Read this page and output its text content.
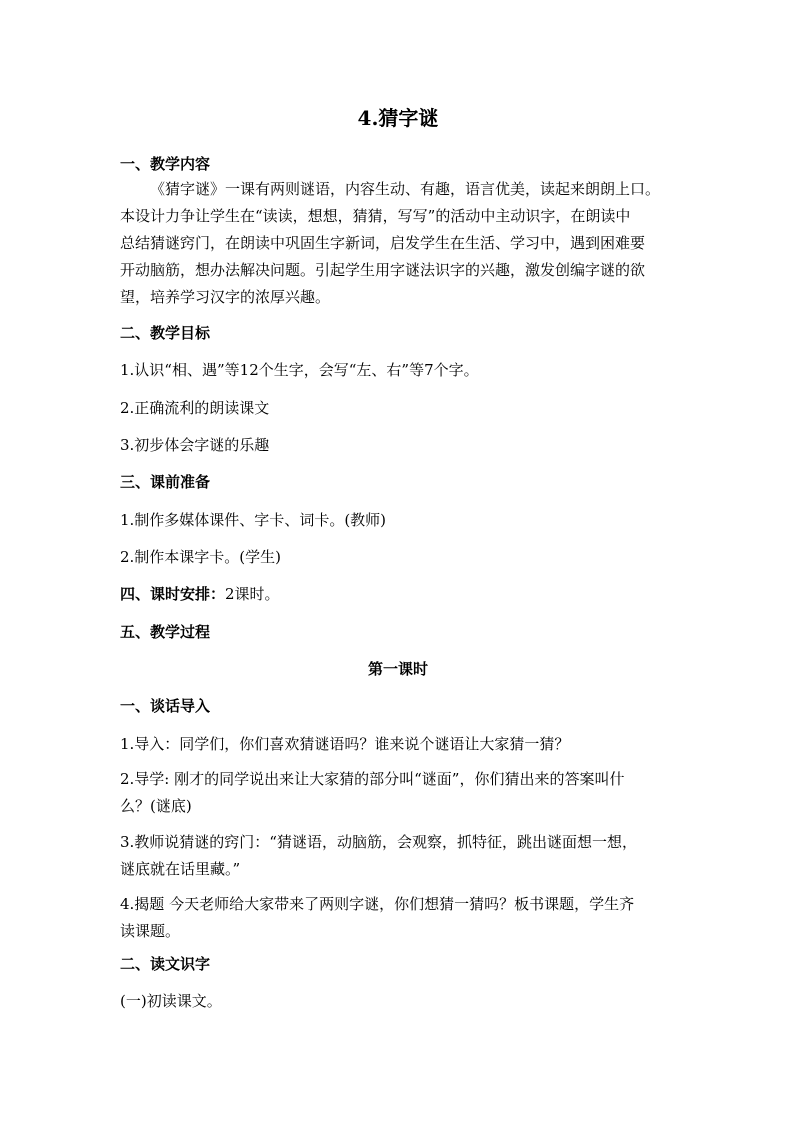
4.猜字谜
一、教学内容
《猜字谜》一课有两则谜语，内容生动、有趣，语言优美，读起来朗朗上口。
本设计力争让学生在“读读，想想，猜猜，写写”的活动中主动识字，在朗读中
总结猜谜窍门，在朗读中巩固生字新词，启发学生在生活、学习中，遇到困难要
开动脑筋，想办法解决问题。引起学生用字谜法识字的兴趣，激发创编字谜的欲
望，培养学习汉字的浓厚兴趣。
二、教学目标
1.认识“相、遇”等12个生字，会写“左、右”等7个字。
2.正确流利的朗读课文
3.初步体会字谜的乐趣
三、课前准备
1.制作多媒体课件、字卡、词卡。(教师)
2.制作本课字卡。(学生)
四、课时安排：2课时。
五、教学过程
第一课时
一、谈话导入
1.导入：同学们，你们喜欢猜谜语吗？谁来说个谜语让大家猜一猜？
2.导学: 刚才的同学说出来让大家猜的部分叫“谜面”，你们猜出来的答案叫什
么？(谜底)
3.教师说猜谜的窍门：“猜谜语，动脑筋，会观察，抓特征，跳出谜面想一想，
谜底就在话里藏。”
4.揭题 今天老师给大家带来了两则字谜，你们想猜一猜吗？板书课题，学生齐
读课题。
二、读文识字
(一)初读课文。
